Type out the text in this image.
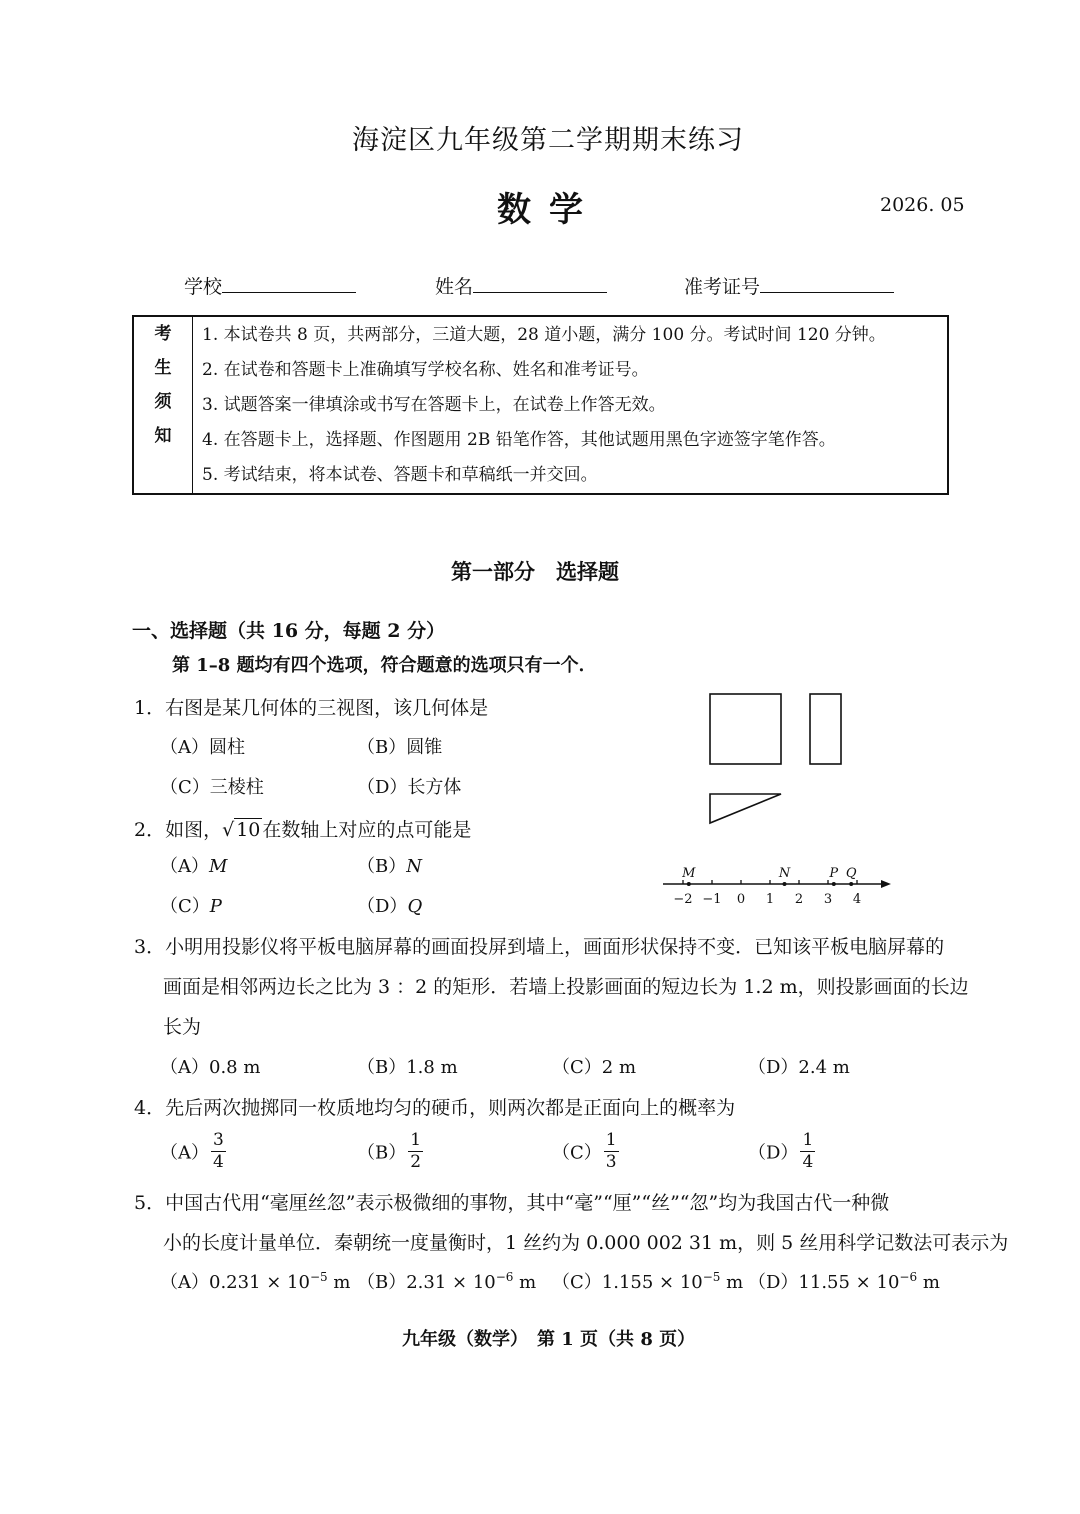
海淀区九年级第二学期期末练习
数学	2026. 05
学校	姓名	准考证号
考
生
须
知

1. 本试卷共 8 页，共两部分，三道大题，28 道小题，满分 100 分。考试时间 120 分钟。
2. 在试卷和答题卡上准确填写学校名称、姓名和准考证号。
3. 试题答案一律填涂或书写在答题卡上，在试卷上作答无效。
4. 在答题卡上，选择题、作图题用 2B 铅笔作答，其他试题用黑色字迹签字笔作答。
5. 考试结束，将本试卷、答题卡和草稿纸一并交回。
第一部分　选择题
一、选择题（共 16 分，每题 2 分）
第 1–8 题均有四个选项，符合题意的选项只有一个．
1．右图是某几何体的三视图，该几何体是
（A）圆柱	（B）圆锥
（C）三棱柱	（D）长方体
2．如图，√ 10 在数轴上对应的点可能是
（A）M	（B）N
（C）P	（D）Q	−2 −1 0 1 2 3 4
M	N	P Q
3．小明用投影仪将平板电脑屏幕的画面投屏到墙上，画面形状保持不变．已知该平板电脑屏幕的
画面是相邻两边长之比为 3 ：2 的矩形．若墙上投影画面的短边长为 1.2 m，则投影画面的长边
长为
（A）0.8 m	（B）1.8 m	（C）2 m	（D）2.4 m
4．先后两次抛掷同一枚质地均匀的硬币，则两次都是正面向上的概率为
$(A) \frac{3}{4}$	$(B) \frac{1}{2}$	$(C) \frac{1}{3}$	$(D) \frac{1}{4}$
5．中国古代用“毫厘丝忽”表示极微细的事物，其中“毫”“厘”“丝”“忽”均为我国古代一种微
小的长度计量单位．秦朝统一度量衡时，1 丝约为 0.000 002 31 m，则 5 丝用科学记数法可表示为
$(A)0.231 \times 10^{-5}$ m $(B)2.31 \times 10^{-6}$ m $(C)1.155 \times 10^{-5}$ m $(D)11.55 \times 10^{-6}$ m
九年级（数学）　第 1 页（共 8 页）
